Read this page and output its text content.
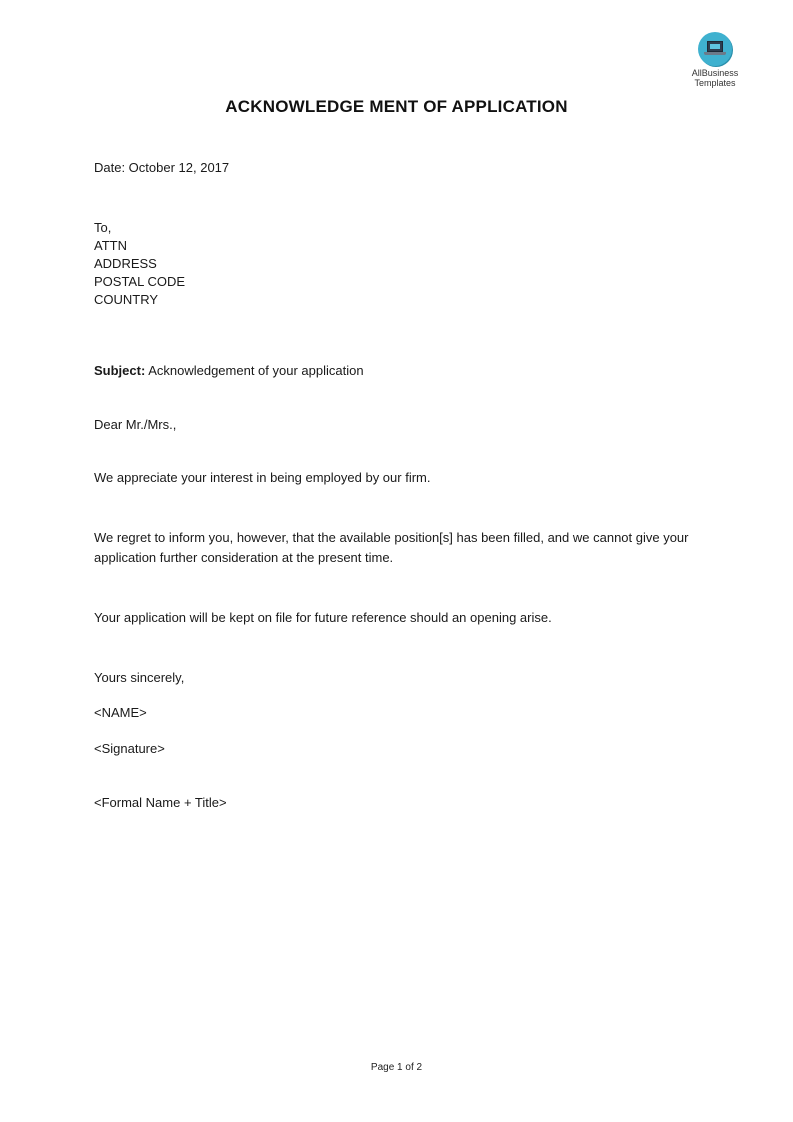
AllBusiness
Templates
ACKNOWLEDGE MENT OF APPLICATION
Date: October 12, 2017
To,
ATTN
ADDRESS
POSTAL CODE
COUNTRY
Subject: Acknowledgement of your application
Dear Mr./Mrs.,
We appreciate your interest in being employed by our firm.
We regret to inform you, however, that the available position[s] has been filled, and we cannot give your application further consideration at the present time.
Your application will be kept on file for future reference should an opening arise.
Yours sincerely,
<NAME>
<Signature>
<Formal Name + Title>
Page 1 of 2
